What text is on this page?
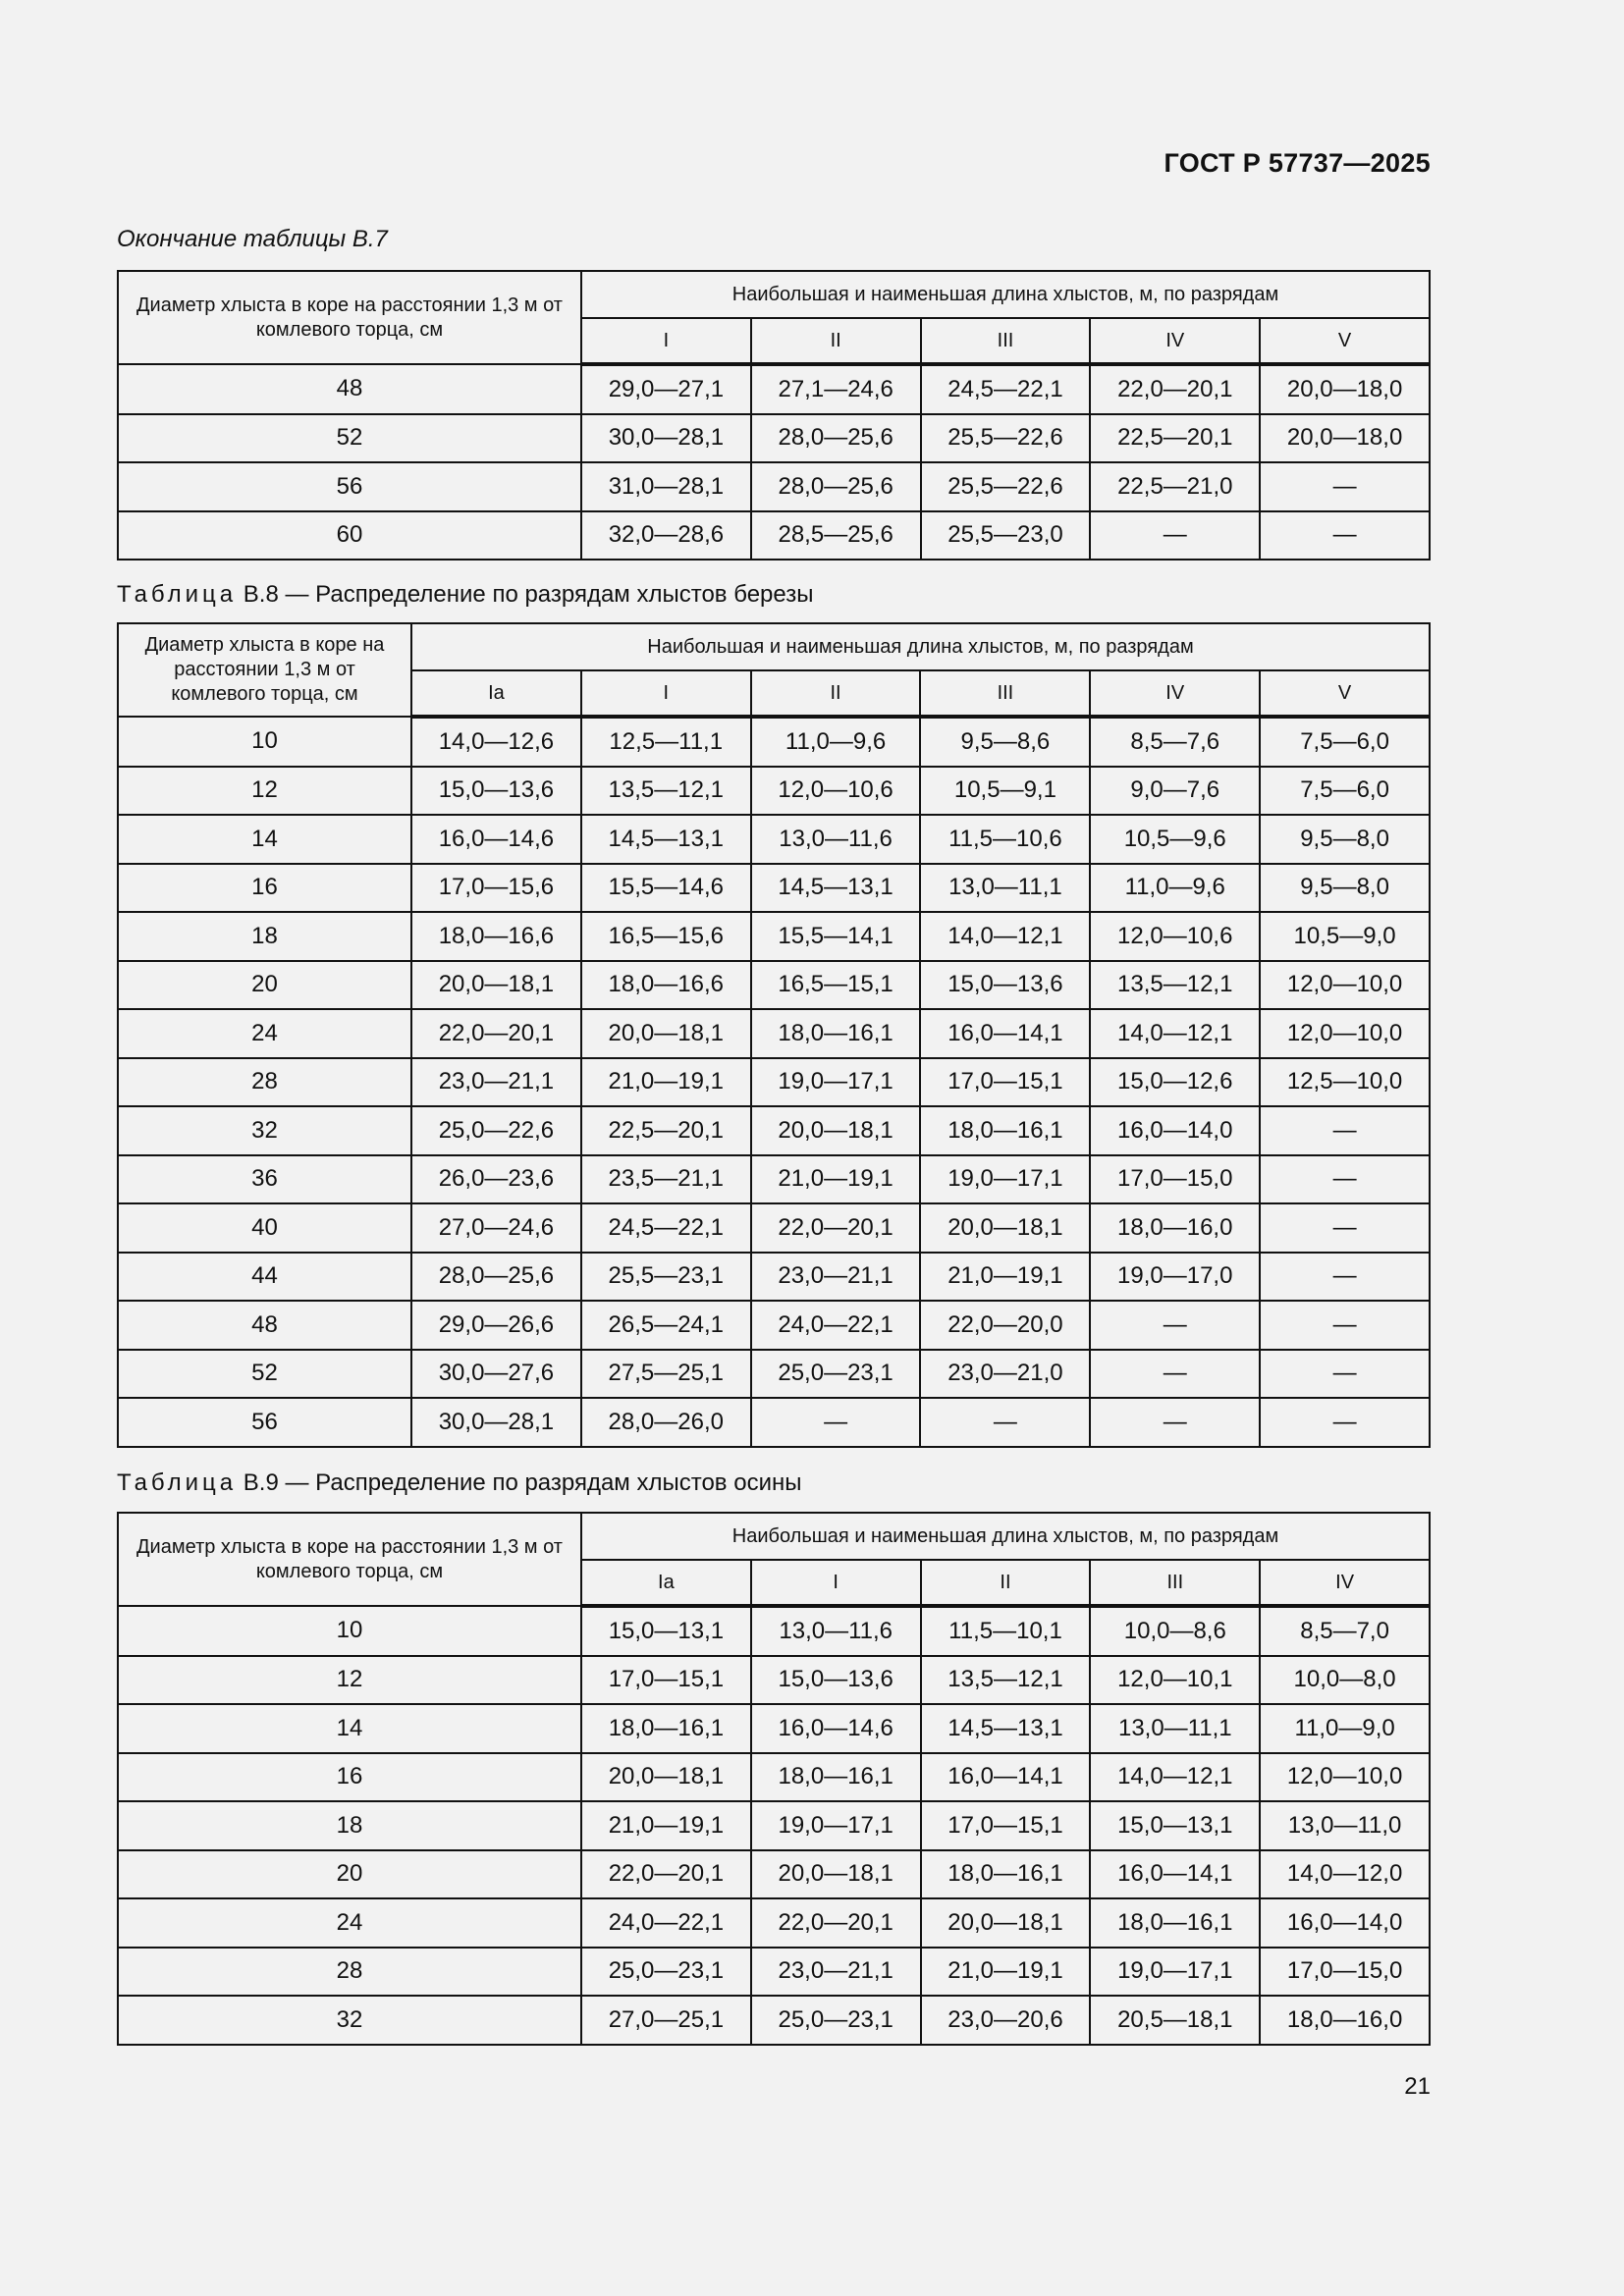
ГОСТ Р 57737—2025
Окончание таблицы В.7
Диаметр хлыста в коре на расстоянии 1,3 м от комлевого торца, см	Наибольшая и наименьшая длина хлыстов, м, по разрядам				
	I	II	III	IV	V
48	29,0—27,1	27,1—24,6	24,5—22,1	22,0—20,1	20,0—18,0
52	30,0—28,1	28,0—25,6	25,5—22,6	22,5—20,1	20,0—18,0
56	31,0—28,1	28,0—25,6	25,5—22,6	22,5—21,0	—
60	32,0—28,6	28,5—25,6	25,5—23,0	—	—
Таблица В.8 — Распределение по разрядам хлыстов березы
Диаметр хлыста в коре на расстоянии 1,3 м от комлевого торца, см	Наибольшая и наименьшая длина хлыстов, м, по разрядам					
	Iа	I	II	III	IV	V
10	14,0—12,6	12,5—11,1	11,0—9,6	9,5—8,6	8,5—7,6	7,5—6,0
12	15,0—13,6	13,5—12,1	12,0—10,6	10,5—9,1	9,0—7,6	7,5—6,0
14	16,0—14,6	14,5—13,1	13,0—11,6	11,5—10,6	10,5—9,6	9,5—8,0
16	17,0—15,6	15,5—14,6	14,5—13,1	13,0—11,1	11,0—9,6	9,5—8,0
18	18,0—16,6	16,5—15,6	15,5—14,1	14,0—12,1	12,0—10,6	10,5—9,0
20	20,0—18,1	18,0—16,6	16,5—15,1	15,0—13,6	13,5—12,1	12,0—10,0
24	22,0—20,1	20,0—18,1	18,0—16,1	16,0—14,1	14,0—12,1	12,0—10,0
28	23,0—21,1	21,0—19,1	19,0—17,1	17,0—15,1	15,0—12,6	12,5—10,0
32	25,0—22,6	22,5—20,1	20,0—18,1	18,0—16,1	16,0—14,0	—
36	26,0—23,6	23,5—21,1	21,0—19,1	19,0—17,1	17,0—15,0	—
40	27,0—24,6	24,5—22,1	22,0—20,1	20,0—18,1	18,0—16,0	—
44	28,0—25,6	25,5—23,1	23,0—21,1	21,0—19,1	19,0—17,0	—
48	29,0—26,6	26,5—24,1	24,0—22,1	22,0—20,0	—	—
52	30,0—27,6	27,5—25,1	25,0—23,1	23,0—21,0	—	—
56	30,0—28,1	28,0—26,0	—	—	—	—
Таблица В.9 — Распределение по разрядам хлыстов осины
Диаметр хлыста в коре на расстоянии 1,3 м от комлевого торца, см	Наибольшая и наименьшая длина хлыстов, м, по разрядам				
	Iа	I	II	III	IV
10	15,0—13,1	13,0—11,6	11,5—10,1	10,0—8,6	8,5—7,0
12	17,0—15,1	15,0—13,6	13,5—12,1	12,0—10,1	10,0—8,0
14	18,0—16,1	16,0—14,6	14,5—13,1	13,0—11,1	11,0—9,0
16	20,0—18,1	18,0—16,1	16,0—14,1	14,0—12,1	12,0—10,0
18	21,0—19,1	19,0—17,1	17,0—15,1	15,0—13,1	13,0—11,0
20	22,0—20,1	20,0—18,1	18,0—16,1	16,0—14,1	14,0—12,0
24	24,0—22,1	22,0—20,1	20,0—18,1	18,0—16,1	16,0—14,0
28	25,0—23,1	23,0—21,1	21,0—19,1	19,0—17,1	17,0—15,0
32	27,0—25,1	25,0—23,1	23,0—20,6	20,5—18,1	18,0—16,0
21
